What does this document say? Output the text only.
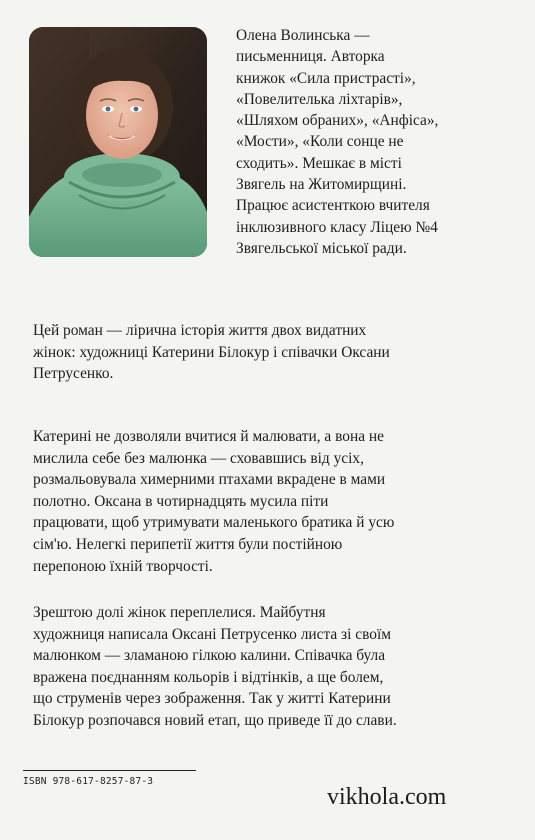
Олена Волинська —
письменниця. Авторка
книжок «Сила пристрасті»,
«Повелителька ліхтарів»,
«Шляхом обраних», «Анфіса»,
«Мости», «Коли сонце не
сходить». Мешкає в місті
Звягель на Житомирщині.
Працює асистенткою вчителя
інклюзивного класу Ліцею №4
Звягельської міської ради.

Цей роман — лірична історія життя двох видатних
жінок: художниці Катерини Білокур і співачки Оксани
Петрусенко.

Катерині не дозволяли вчитися й малювати, а вона не
мислила себе без малюнка — сховавшись від усіх,
розмальовувала химерними птахами вкрадене в мами
полотно. Оксана в чотирнадцять мусила піти
працювати, щоб утримувати маленького братика й усю
сім'ю. Нелегкі перипетії життя були постійною
перепоною їхній творчості.

Зрештою долі жінок переплелися. Майбутня
художниця написала Оксані Петрусенко листа зі своїм
малюнком — зламаною гілкою калини. Співачка була
вражена поєднанням кольорів і відтінків, а ще болем,
що струменів через зображення. Так у житті Катерини
Білокур розпочався новий етап, що приведе її до слави.

ISBN 978-617-8257-87-3
vikhola.com
